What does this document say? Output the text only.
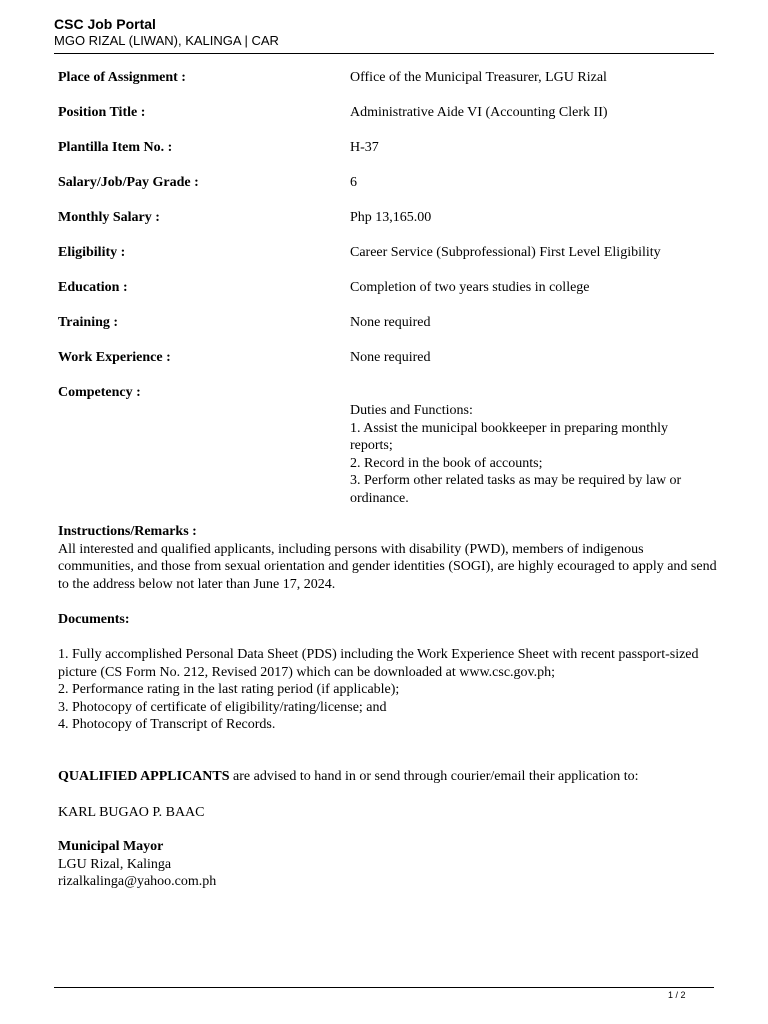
CSC Job Portal
MGO RIZAL (LIWAN), KALINGA | CAR
Place of Assignment :	Office of the Municipal Treasurer, LGU Rizal
Position Title :	Administrative Aide VI (Accounting Clerk II)
Plantilla Item No. :	H-37
Salary/Job/Pay Grade :	6
Monthly Salary :	Php 13,165.00
Eligibility :	Career Service (Subprofessional) First Level Eligibility
Education :	Completion of two years studies in college
Training :	None required
Work Experience :	None required
Competency :
Duties and Functions:
1. Assist the municipal bookkeeper in preparing monthly reports;
2. Record in the book of accounts;
3. Perform other related tasks as may be required by law or ordinance.
Instructions/Remarks :
All interested and qualified applicants, including persons with disability (PWD), members of indigenous communities, and those from sexual orientation and gender identities (SOGI), are highly ecouraged to apply and send to the address below not later than June 17, 2024.
Documents:
1. Fully accomplished Personal Data Sheet (PDS) including the Work Experience Sheet with recent passport-sized picture (CS Form No. 212, Revised 2017) which can be downloaded at www.csc.gov.ph;
2. Performance rating in the last rating period (if applicable);
3. Photocopy of certificate of eligibility/rating/license; and
4. Photocopy of Transcript of Records.
QUALIFIED APPLICANTS are advised to hand in or send through courier/email their application to:
KARL BUGAO P. BAAC
Municipal Mayor
LGU Rizal, Kalinga
rizalkalinga@yahoo.com.ph
1 / 2
